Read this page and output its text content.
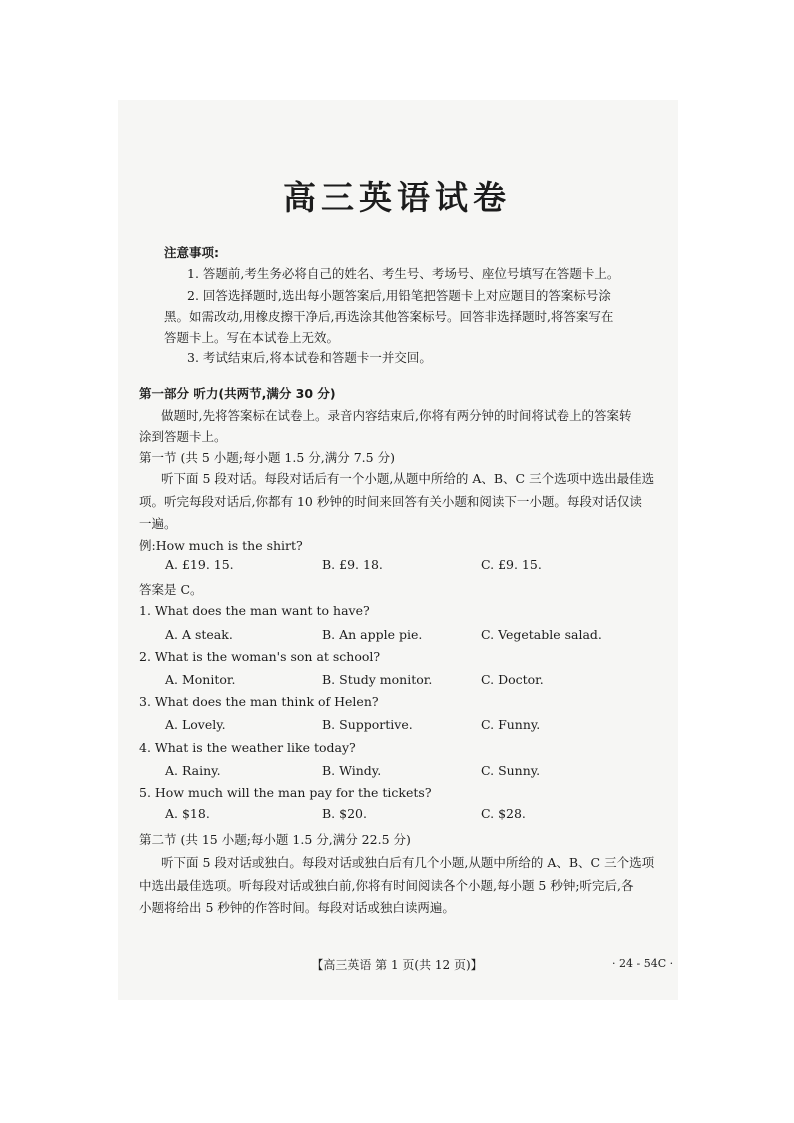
高三英语试卷
注意事项:
1. 答题前,考生务必将自己的姓名、考生号、考场号、座位号填写在答题卡上。
2. 回答选择题时,选出每小题答案后,用铅笔把答题卡上对应题目的答案标号涂
黑。如需改动,用橡皮擦干净后,再选涂其他答案标号。回答非选择题时,将答案写在
答题卡上。写在本试卷上无效。
3. 考试结束后,将本试卷和答题卡一并交回。
第一部分 听力(共两节,满分 30 分)
做题时,先将答案标在试卷上。录音内容结束后,你将有两分钟的时间将试卷上的答案转
涂到答题卡上。
第一节 (共 5 小题;每小题 1.5 分,满分 7.5 分)
听下面 5 段对话。每段对话后有一个小题,从题中所给的 A、B、C 三个选项中选出最佳选
项。听完每段对话后,你都有 10 秒钟的时间来回答有关小题和阅读下一小题。每段对话仅读
一遍。
例:How much is the shirt?
A. £19. 15.	B. £9. 18.	C. £9. 15.
答案是 C。
1. What does the man want to have?
A. A steak.	B. An apple pie.	C. Vegetable salad.
2. What is the woman's son at school?
A. Monitor.	B. Study monitor.	C. Doctor.
3. What does the man think of Helen?
A. Lovely.	B. Supportive.	C. Funny.
4. What is the weather like today?
A. Rainy.	B. Windy.	C. Sunny.
5. How much will the man pay for the tickets?
A. $18.	B. $20.	C. $28.
第二节 (共 15 小题;每小题 1.5 分,满分 22.5 分)
听下面 5 段对话或独白。每段对话或独白后有几个小题,从题中所给的 A、B、C 三个选项
中选出最佳选项。听每段对话或独白前,你将有时间阅读各个小题,每小题 5 秒钟;听完后,各
小题将给出 5 秒钟的作答时间。每段对话或独白读两遍。
【高三英语 第 1 页(共 12 页)】	· 24 - 54C ·
